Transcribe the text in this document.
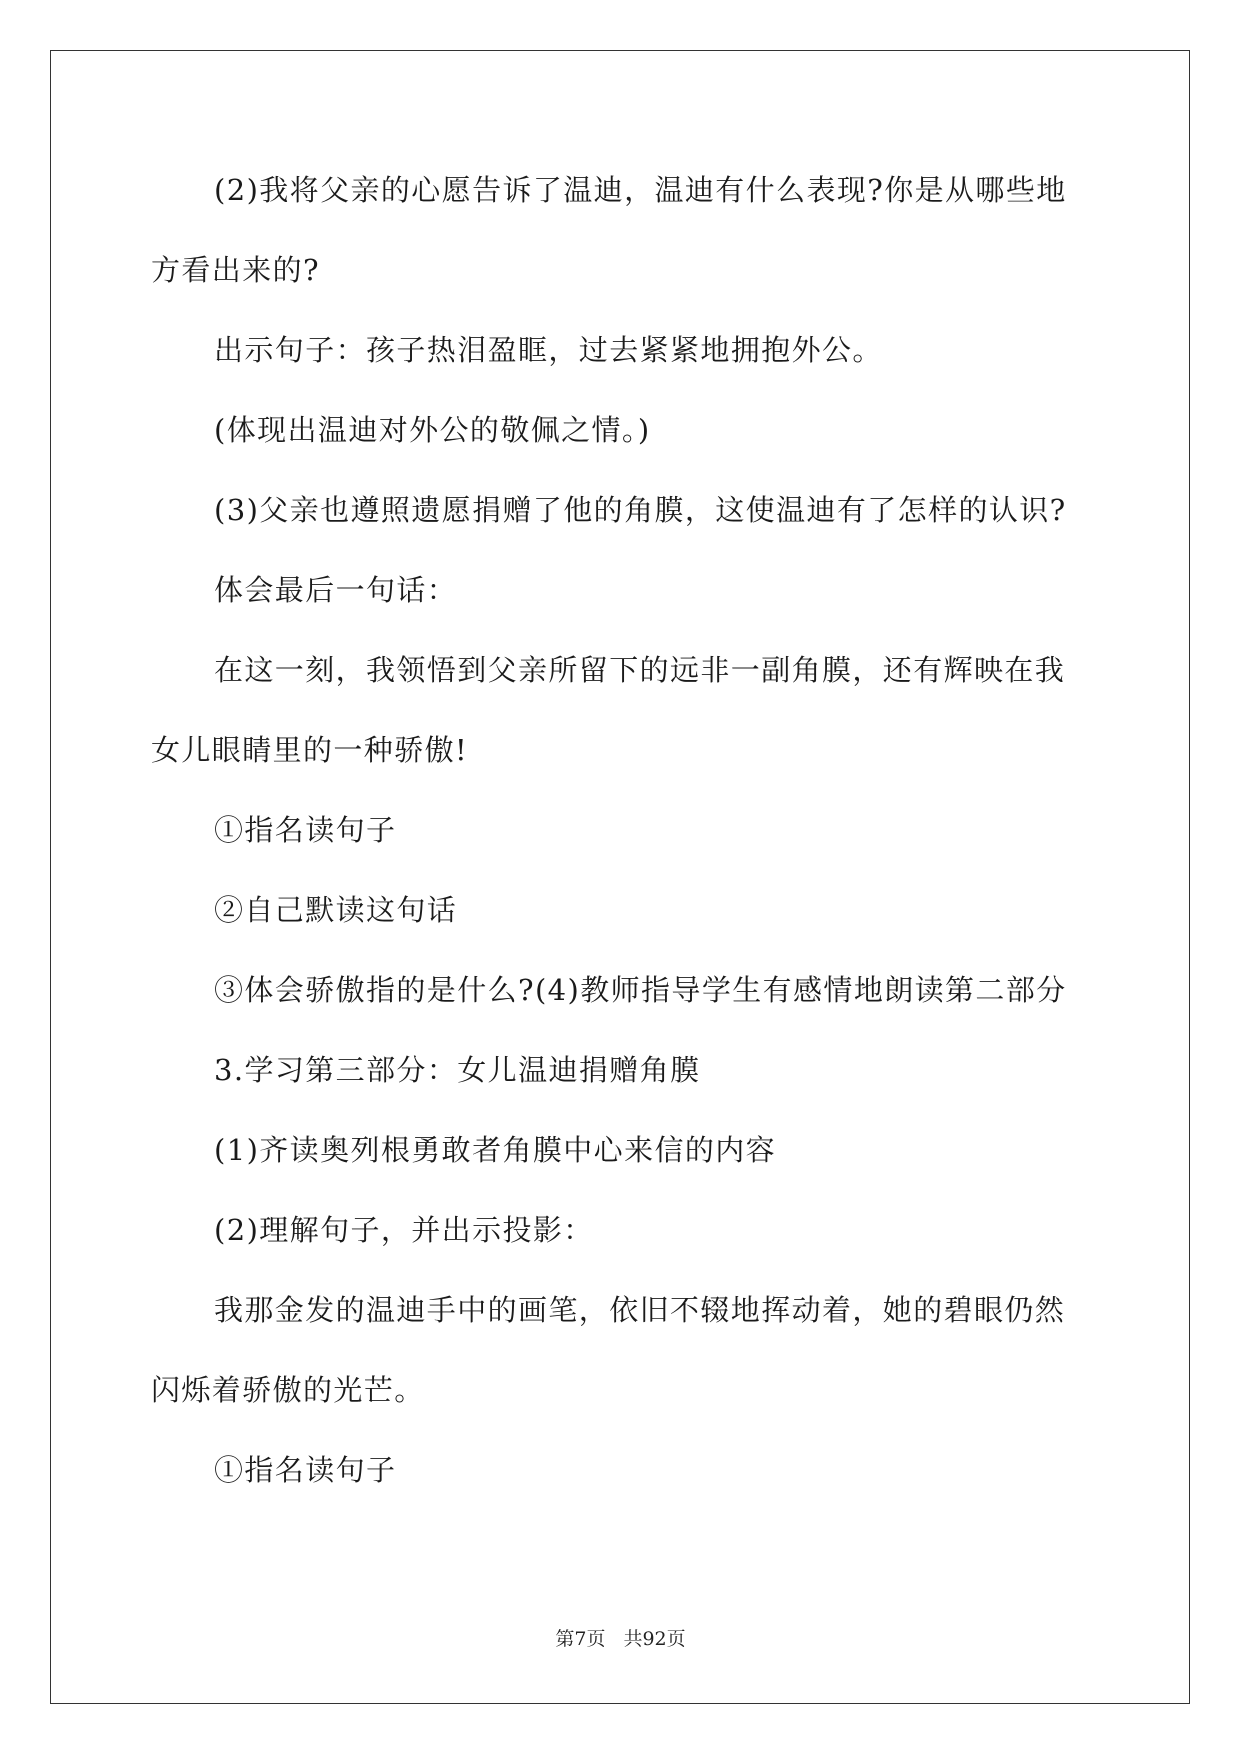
(2)我将父亲的心愿告诉了温迪，温迪有什么表现?你是从哪些地
方看出来的?
出示句子：孩子热泪盈眶，过去紧紧地拥抱外公。
(体现出温迪对外公的敬佩之情。)
(3)父亲也遵照遗愿捐赠了他的角膜，这使温迪有了怎样的认识?
体会最后一句话：
在这一刻，我领悟到父亲所留下的远非一副角膜，还有辉映在我
女儿眼睛里的一种骄傲!
①指名读句子
②自己默读这句话
③体会骄傲指的是什么?(4)教师指导学生有感情地朗读第二部分
3.学习第三部分：女儿温迪捐赠角膜
(1)齐读奥列根勇敢者角膜中心来信的内容
(2)理解句子，并出示投影：
我那金发的温迪手中的画笔，依旧不辍地挥动着，她的碧眼仍然
闪烁着骄傲的光芒。
①指名读句子
第7页 共92页
